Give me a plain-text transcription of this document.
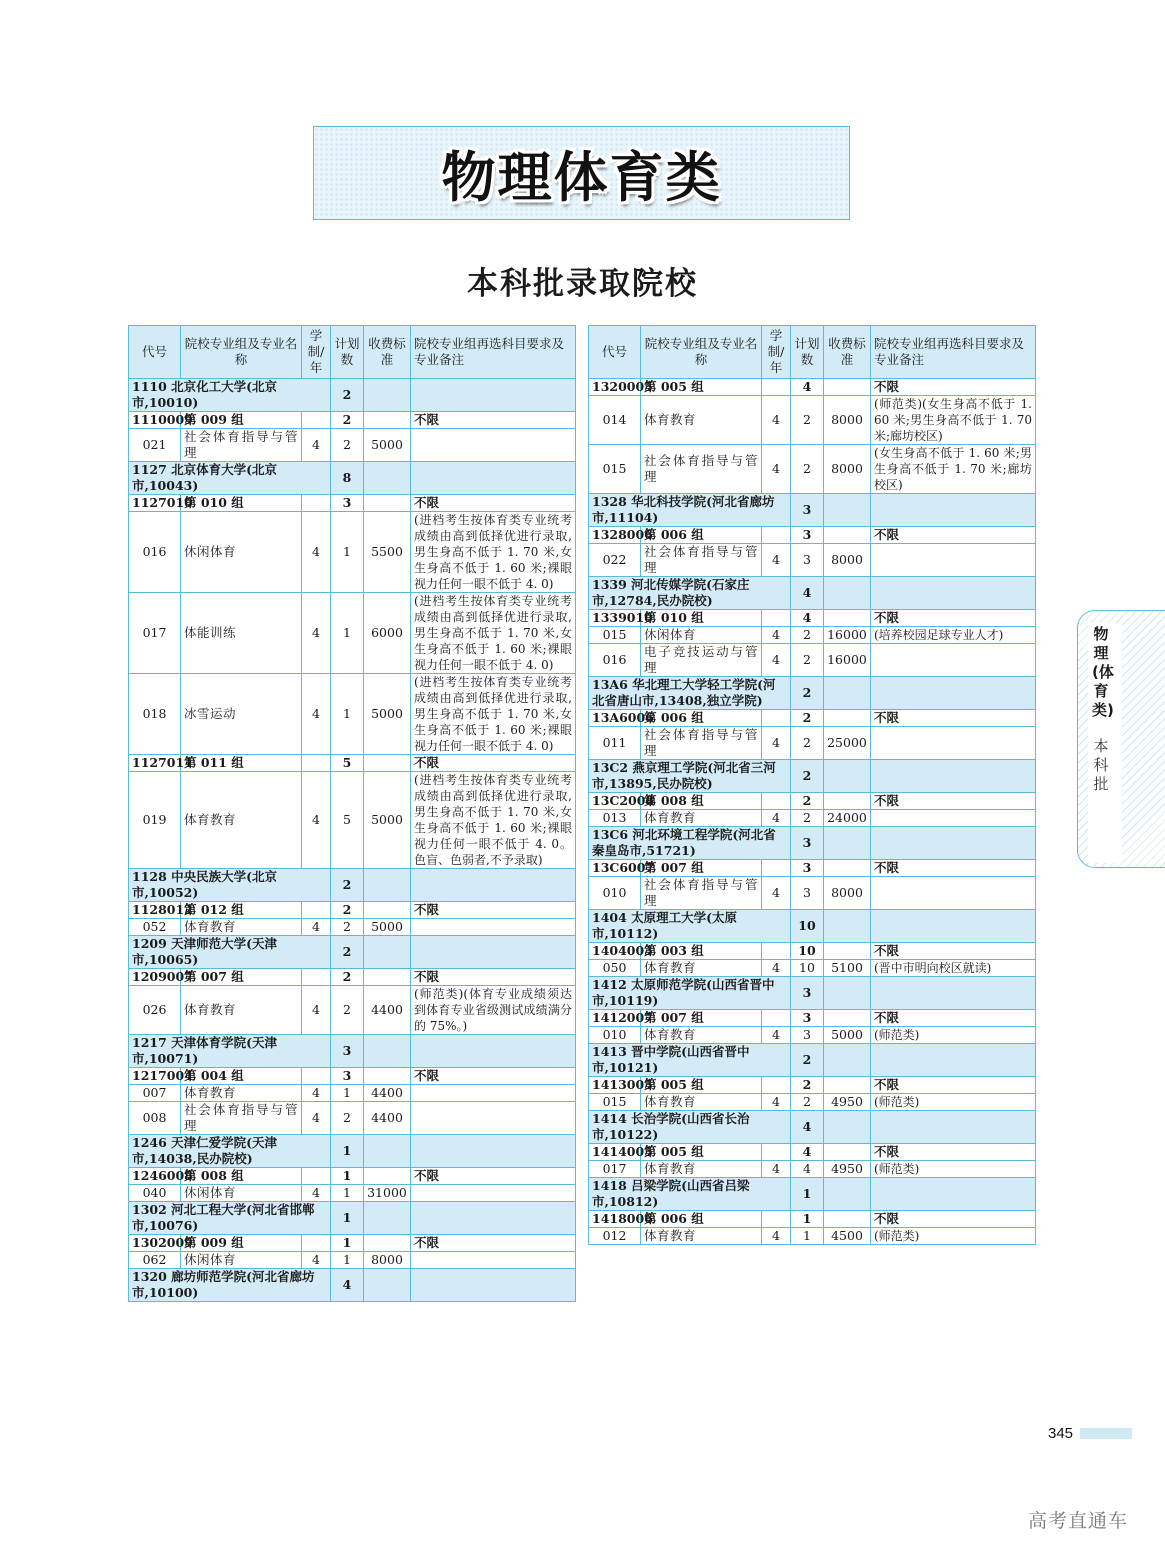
物理体育类
本科批录取院校
代号	院校专业组及专业名称	学制/年	计划数	收费标准	院校专业组再选科目要求及专业备注
1110 北京化工大学(北京市,10010)			2		
1110009	第 009 组		2		不限
021	社会体育指导与管理	4	2	5000	
1127 北京体育大学(北京市,10043)			8		
1127010	第 010 组		3		不限
016	休闲体育	4	1	5500	(进档考生按体育类专业统考成绩由高到低择优进行录取,男生身高不低于 1. 70 米,女生身高不低于 1. 60 米;裸眼视力任何一眼不低于 4. 0)
017	体能训练	4	1	6000	(进档考生按体育类专业统考成绩由高到低择优进行录取,男生身高不低于 1. 70 米,女生身高不低于 1. 60 米;裸眼视力任何一眼不低于 4. 0)
018	冰雪运动	4	1	5000	(进档考生按体育类专业统考成绩由高到低择优进行录取,男生身高不低于 1. 70 米,女生身高不低于 1. 60 米;裸眼视力任何一眼不低于 4. 0)
1127011	第 011 组		5		不限
019	体育教育	4	5	5000	(进档考生按体育类专业统考成绩由高到低择优进行录取,男生身高不低于 1. 70 米,女生身高不低于 1. 60 米;裸眼视力任何一眼不低于 4. 0。色盲、色弱者,不予录取)
1128 中央民族大学(北京市,10052)			2		
1128012	第 012 组		2		不限
052	体育教育	4	2	5000	
1209 天津师范大学(天津市,10065)			2		
1209007	第 007 组		2		不限
026	体育教育	4	2	4400	(师范类)(体育专业成绩须达到体育专业省级测试成绩满分的 75%。)
1217 天津体育学院(天津市,10071)			3		
1217004	第 004 组		3		不限
007	体育教育	4	1	4400	
008	社会体育指导与管理	4	2	4400	
1246 天津仁爱学院(天津市,14038,民办院校)			1		
1246008	第 008 组		1		不限
040	休闲体育	4	1	31000	
1302 河北工程大学(河北省邯郸市,10076)			1		
1302009	第 009 组		1		不限
062	休闲体育	4	1	8000	
1320 廊坊师范学院(河北省廊坊市,10100)			4		
代号	院校专业组及专业名称	学制/年	计划数	收费标准	院校专业组再选科目要求及专业备注
1320005	第 005 组		4		不限
014	体育教育	4	2	8000	(师范类)(女生身高不低于 1. 60 米;男生身高不低于 1. 70 米;廊坊校区)
015	社会体育指导与管理	4	2	8000	(女生身高不低于 1. 60 米;男生身高不低于 1. 70 米;廊坊校区)
1328 华北科技学院(河北省廊坊市,11104)			3		
1328006	第 006 组		3		不限
022	社会体育指导与管理	4	3	8000	
1339 河北传媒学院(石家庄市,12784,民办院校)			4		
1339010	第 010 组		4		不限
015	休闲体育	4	2	16000	(培养校园足球专业人才)
016	电子竞技运动与管理	4	2	16000	
13A6 华北理工大学轻工学院(河北省唐山市,13408,独立学院)			2		
13A6006	第 006 组		2		不限
011	社会体育指导与管理	4	2	25000	
13C2 燕京理工学院(河北省三河市,13895,民办院校)			2		
13C2008	第 008 组		2		不限
013	体育教育	4	2	24000	
13C6 河北环境工程学院(河北省秦皇岛市,51721)			3		
13C6007	第 007 组		3		不限
010	社会体育指导与管理	4	3	8000	
1404 太原理工大学(太原市,10112)			10		
1404003	第 003 组		10		不限
050	体育教育	4	10	5100	(晋中市明向校区就读)
1412 太原师范学院(山西省晋中市,10119)			3		
1412007	第 007 组		3		不限
010	体育教育	4	3	5000	(师范类)
1413 晋中学院(山西省晋中市,10121)			2		
1413005	第 005 组		2		不限
015	体育教育	4	2	4950	(师范类)
1414 长治学院(山西省长治市,10122)			4		
1414005	第 005 组		4		不限
017	体育教育	4	4	4950	(师范类)
1418 吕梁学院(山西省吕梁市,10812)			1		
1418006	第 006 组		1		不限
012	体育教育	4	1	4500	(师范类)
物理(体育类)
本科批
345
高考直通车
